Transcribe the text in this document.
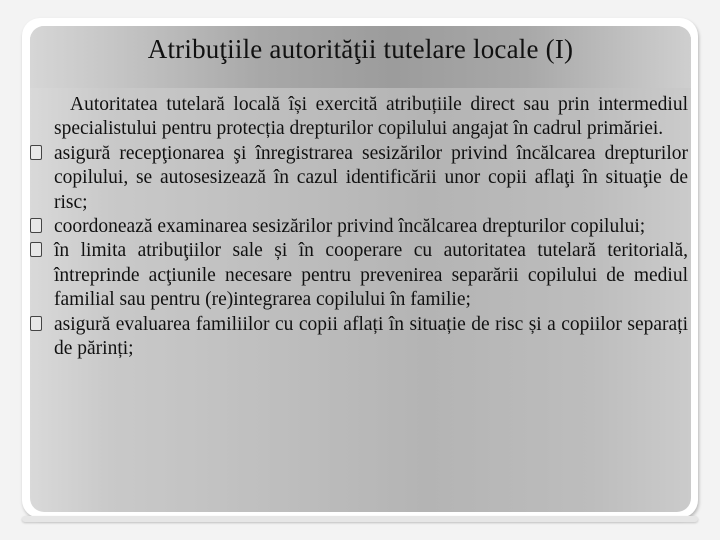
Atribuţiile autorităţii tutelare locale (I)

Autoritatea tutelară locală își exercită atribuțiile direct sau prin intermediul specialistului pentru protecția drepturilor copilului angajat în cadrul primăriei.

asigură recepţionarea şi înregistrarea sesizărilor privind încălcarea drepturilor copilului, se autosesizează în cazul identificării unor copii aflaţi în situaţie de risc;

coordonează examinarea sesizărilor privind încălcarea drepturilor copilului;

în limita atribuţiilor sale și în cooperare cu autoritatea tutelară teritorială, întreprinde acţiunile necesare pentru prevenirea separării copilului de mediul familial sau pentru (re)integrarea copilului în familie;

asigură evaluarea familiilor cu copii aflați în situație de risc și a copiilor separați de părinți;
